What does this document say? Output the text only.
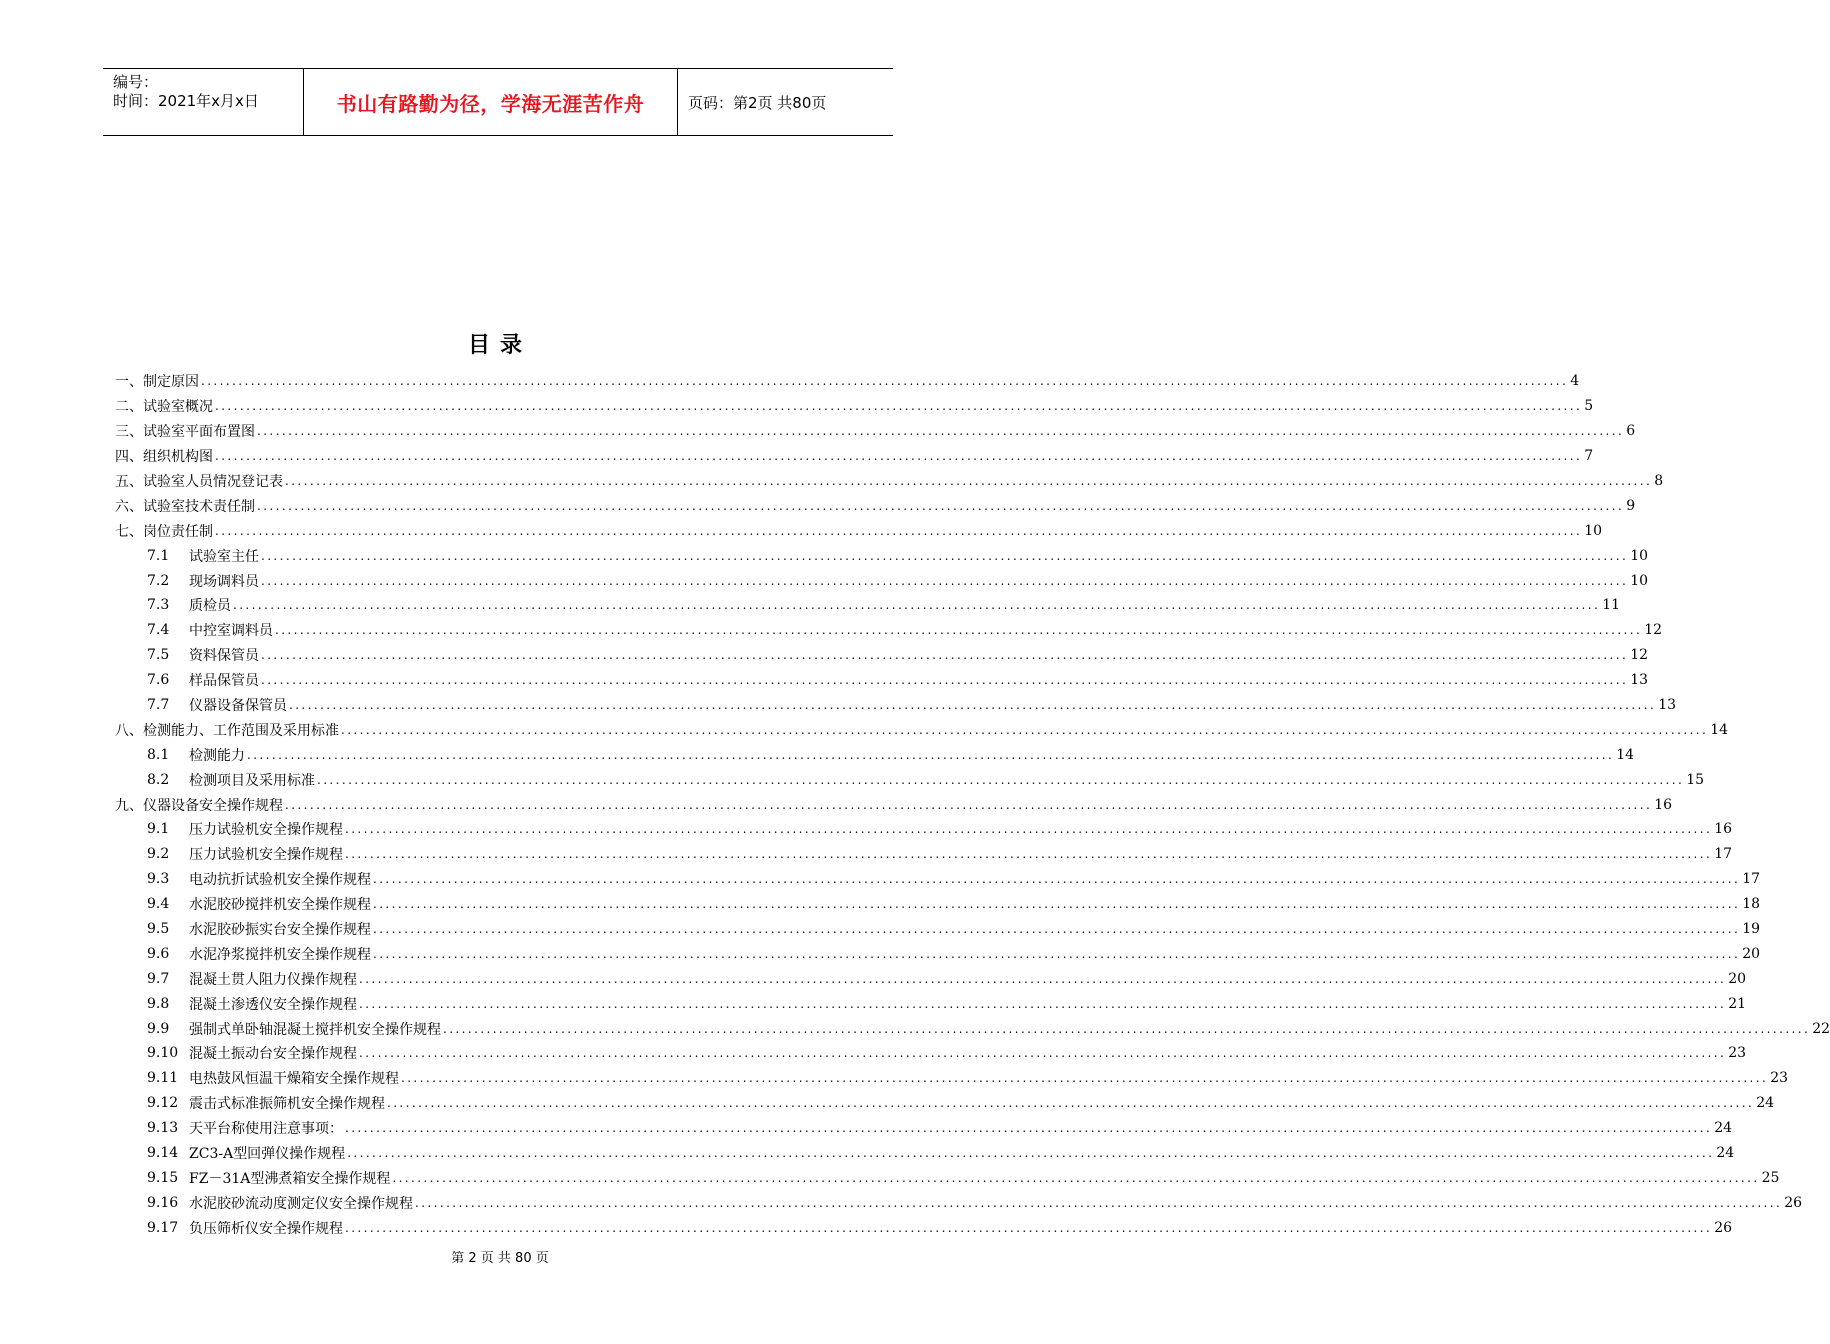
编号：
时间：2021年x月x日	书山有路勤为径，学海无涯苦作舟	页码：第2页 共80页
目录
一、制定原因 ............................................................................................................................................................................................................................ 4
二、试验室概况 ............................................................................................................................................................................................................................ 5
三、试验室平面布置图 ............................................................................................................................................................................................................................ 6
四、组织机构图 ............................................................................................................................................................................................................................ 7
五、试验室人员情况登记表 ............................................................................................................................................................................................................................ 8
六、试验室技术责任制 ............................................................................................................................................................................................................................ 9
七、岗位责任制 ............................................................................................................................................................................................................................ 10
7.1	试验室主任 ............................................................................................................................................................................................................................ 10
7.2	现场调料员 ............................................................................................................................................................................................................................ 10
7.3	质检员 ............................................................................................................................................................................................................................ 11
7.4	中控室调料员 ............................................................................................................................................................................................................................ 12
7.5	资料保管员 ............................................................................................................................................................................................................................ 12
7.6	样品保管员 ............................................................................................................................................................................................................................ 13
7.7	仪器设备保管员 ............................................................................................................................................................................................................................ 13
八、检测能力、工作范围及采用标准 ............................................................................................................................................................................................................................ 14
8.1	检测能力 ............................................................................................................................................................................................................................ 14
8.2	检测项目及采用标准 ............................................................................................................................................................................................................................ 15
九、仪器设备安全操作规程 ............................................................................................................................................................................................................................ 16
9.1	压力试验机安全操作规程 ............................................................................................................................................................................................................................ 16
9.2	压力试验机安全操作规程 ............................................................................................................................................................................................................................ 17
9.3	电动抗折试验机安全操作规程 ............................................................................................................................................................................................................................ 17
9.4	水泥胶砂搅拌机安全操作规程 ............................................................................................................................................................................................................................ 18
9.5	水泥胶砂振实台安全操作规程 ............................................................................................................................................................................................................................ 19
9.6	水泥净浆搅拌机安全操作规程 ............................................................................................................................................................................................................................ 20
9.7	混凝土贯人阻力仪操作规程 ............................................................................................................................................................................................................................ 20
9.8	混凝土渗透仪安全操作规程 ............................................................................................................................................................................................................................ 21
9.9	强制式单卧轴混凝土搅拌机安全操作规程 ............................................................................................................................................................................................................................ 22
9.10 混凝土振动台安全操作规程 ............................................................................................................................................................................................................................ 23
9.11 电热鼓风恒温干燥箱安全操作规程 ............................................................................................................................................................................................................................ 23
9.12 震击式标准振筛机安全操作规程 ............................................................................................................................................................................................................................ 24
9.13 天平台称使用注意事项： ............................................................................................................................................................................................................................ 24
9.14 ZC3-A型回弹仪操作规程 ............................................................................................................................................................................................................................ 24
9.15 FZ－31A型沸煮箱安全操作规程 ............................................................................................................................................................................................................................ 25
9.16 水泥胶砂流动度测定仪安全操作规程 ............................................................................................................................................................................................................................ 26
9.17 负压筛析仪安全操作规程 ............................................................................................................................................................................................................................ 26
第 2 页 共 80 页
